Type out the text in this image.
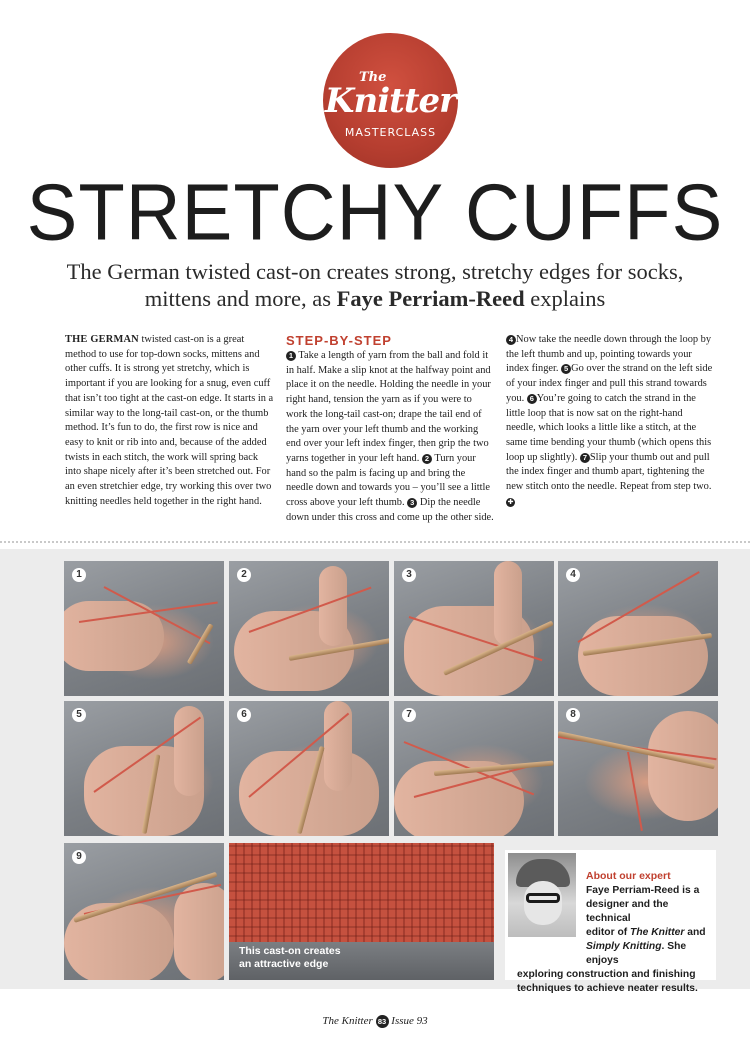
The
Knitter
MASTERCLASS
STRETCHY CUFFS
The German twisted cast-on creates strong, stretchy edges for socks, mittens and more, as Faye Perriam-Reed explains
THE GERMAN twisted cast-on is a great method to use for top-down socks, mittens and other cuffs. It is strong yet stretchy, which is important if you are looking for a snug, even cuff that isn’t too tight at the cast-on edge. It starts in a similar way to the long-tail cast-on, or the thumb method. It’s fun to do, the first row is nice and easy to knit or rib into and, because of the added twists in each stitch, the work will spring back into shape nicely after it’s been stretched out. For an even stretchier edge, try working this over two knitting needles held together in the right hand.
STEP-BY-STEP
1 Take a length of yarn from the ball and fold it in half. Make a slip knot at the halfway point and place it on the needle. Holding the needle in your right hand, tension the yarn as if you were to work the long-tail cast-on; drape the tail end of the yarn over your left thumb and the working end over your left index finger, then grip the two yarns together in your left hand. 2 Turn your hand so the palm is facing up and bring the needle down and towards you – you’ll see a little cross above your left thumb. 3 Dip the needle down under this cross and come up the other side.
4 Now take the needle down through the loop by the left thumb and up, pointing towards your index finger. 5 Go over the strand on the left side of your index finger and pull this strand towards you. 6 You’re going to catch the strand in the little loop that is now sat on the right-hand needle, which looks a little like a stitch, at the same time bending your thumb (which opens this loop up slightly). 7 Slip your thumb out and pull the index finger and thumb apart, tightening the new stitch onto the needle. Repeat from step two. ✚
1	2	3	4
5	6	7	8
9
This cast-on creates
an attractive edge
About our expert
Faye Perriam-Reed is a
designer and the technical
editor of The Knitter and
Simply Knitting. She enjoys
exploring construction and finishing
techniques to achieve neater results.
The Knitter 83 Issue 93
